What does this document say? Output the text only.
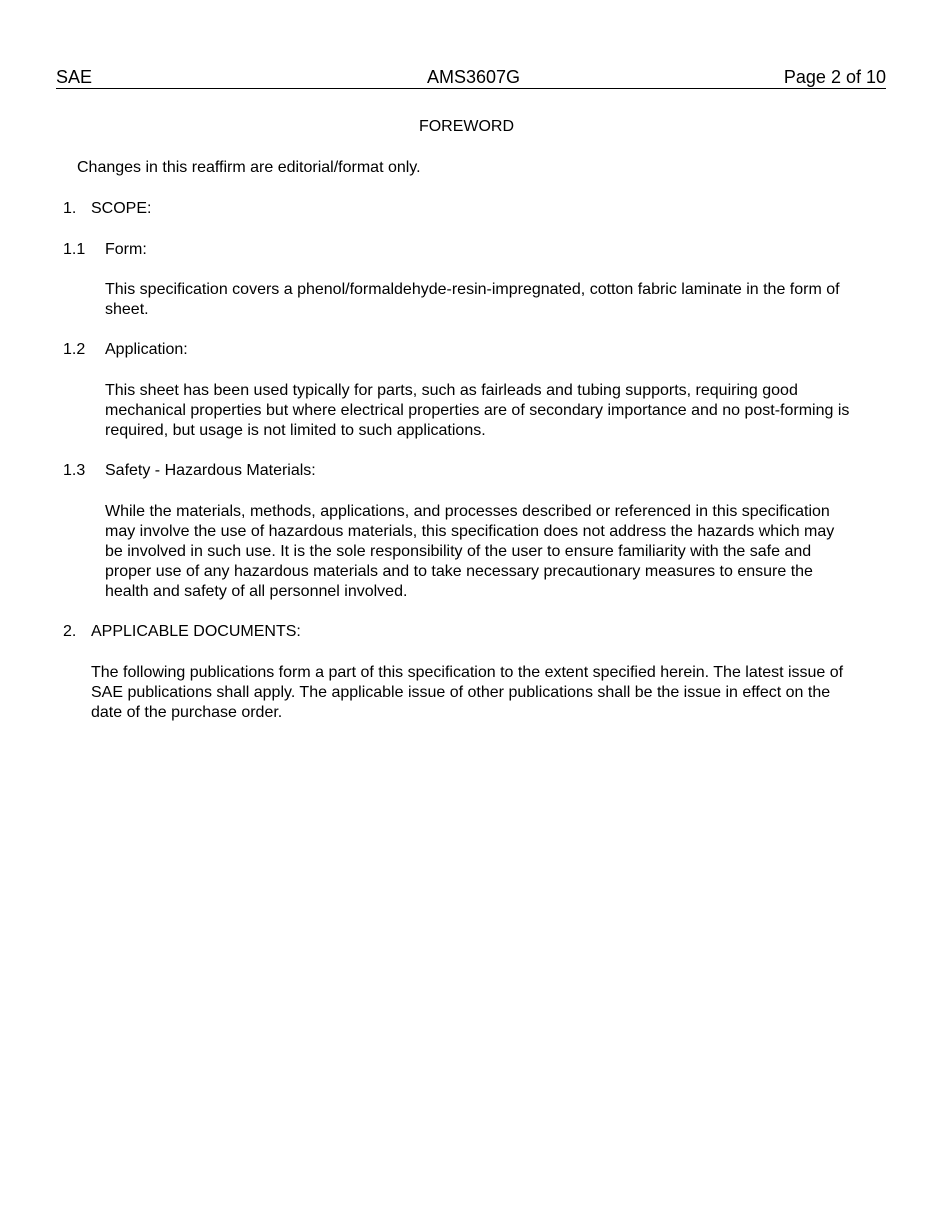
SAE	AMS3607G	Page 2 of 10
FOREWORD
Changes in this reaffirm are editorial/format only.
1. SCOPE:
1.1 Form:
This specification covers a phenol/formaldehyde-resin-impregnated, cotton fabric laminate in the form of sheet.
1.2 Application:
This sheet has been used typically for parts, such as fairleads and tubing supports, requiring good mechanical properties but where electrical properties are of secondary importance and no post-forming is required, but usage is not limited to such applications.
1.3 Safety - Hazardous Materials:
While the materials, methods, applications, and processes described or referenced in this specification may involve the use of hazardous materials, this specification does not address the hazards which may be involved in such use. It is the sole responsibility of the user to ensure familiarity with the safe and proper use of any hazardous materials and to take necessary precautionary measures to ensure the health and safety of all personnel involved.
2. APPLICABLE DOCUMENTS:
The following publications form a part of this specification to the extent specified herein. The latest issue of SAE publications shall apply. The applicable issue of other publications shall be the issue in effect on the date of the purchase order.
